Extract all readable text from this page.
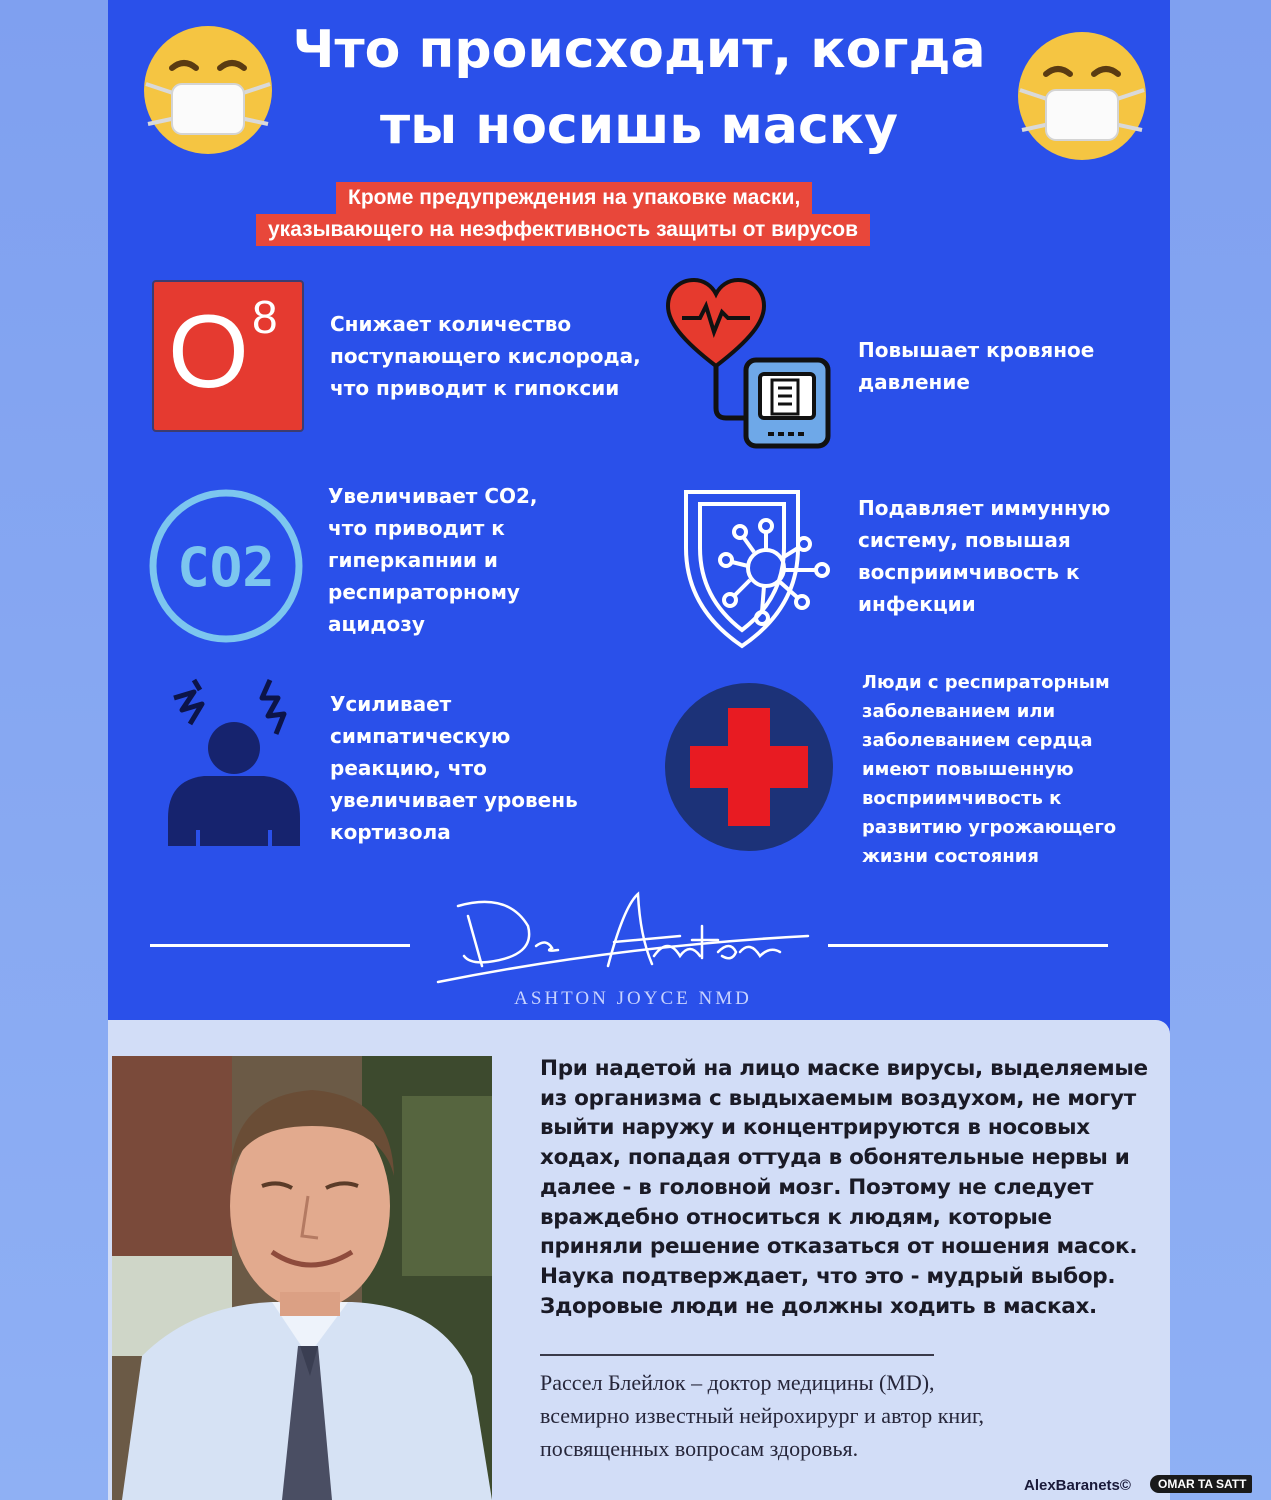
Что происходит, когда
ты носишь маску
Кроме предупреждения на упаковке маски,
указывающего на неэффективность защиты от вирусов
O 8	Снижает количество
поступающего кислорода,
что приводит к гипоксии
Повышает кровяное
давление
CO2
Увеличивает СО2,
что приводит к
гиперкапнии и
респираторному
ацидозу
Подавляет иммунную
систему, повышая
восприимчивость к
инфекции
Усиливает
симпатическую
реакцию, что
увеличивает уровень
кортизола
Люди с респираторным
заболеванием или
заболеванием сердца
имеют повышенную
восприимчивость к
развитию угрожающего
жизни состояния
ASHTON JOYCE NMD
При надетой на лицо маске вирусы, выделяемые
из организма с выдыхаемым воздухом, не могут
выйти наружу и концентрируются в носовых
ходах, попадая оттуда в обонятельные нервы и
далее - в головной мозг. Поэтому не следует
враждебно относиться к людям, которые
приняли решение отказаться от ношения масок.
Наука подтверждает, что это - мудрый выбор.
Здоровые люди не должны ходить в масках.
Рассел Блейлок – доктор медицины (MD),
всемирно известный нейрохирург и автор книг,
посвященных вопросам здоровья.
AlexBaranets©	OMAR TA SATT
